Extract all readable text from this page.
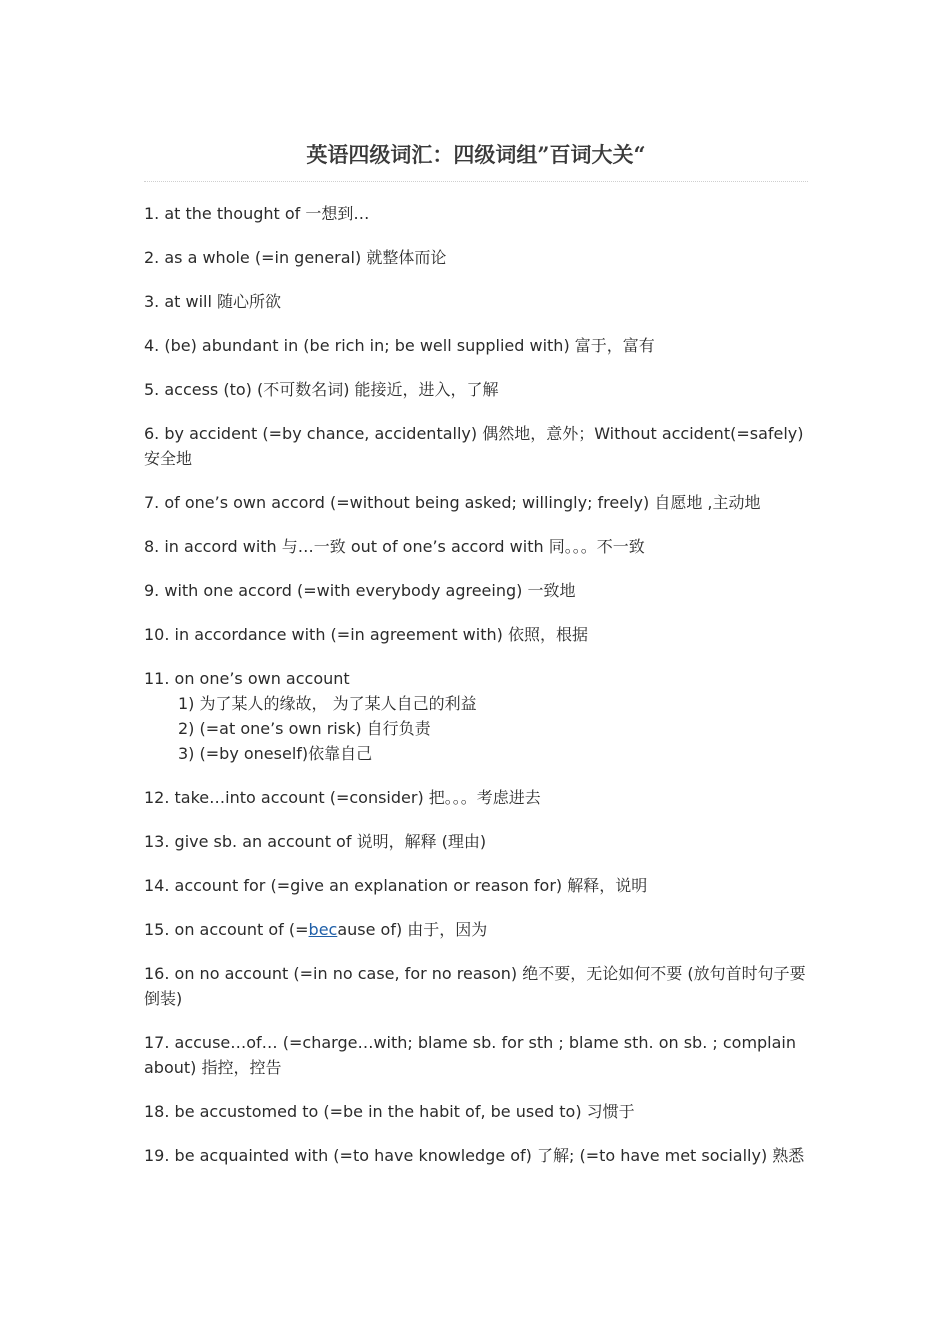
英语四级词汇：四级词组”百词大关“
1. at the thought of 一想到…
2. as a whole (=in general) 就整体而论
3. at will 随心所欲
4. (be) abundant in (be rich in; be well supplied with) 富于，富有
5. access (to) (不可数名词) 能接近，进入，了解
6. by accident (=by chance, accidentally) 偶然地，意外；Without accident(=safely) 安全地
7. of one’s own accord (=without being asked; willingly; freely) 自愿地 ,主动地
8. in accord with 与…一致 out of one’s accord with 同。。。不一致
9. with one accord (=with everybody agreeing) 一致地
10. in accordance with (=in agreement with) 依照，根据
11. on one’s own account
1) 为了某人的缘故， 为了某人自己的利益
2) (=at one’s own risk) 自行负责
3) (=by oneself)依靠自己
12. take…into account (=consider) 把。。。考虑进去
13. give sb. an account of 说明，解释 (理由)
14. account for (=give an explanation or reason for) 解释，说明
15. on account of (=because of) 由于，因为
16. on no account (=in no case, for no reason) 绝不要，无论如何不要 (放句首时句子要倒装)
17. accuse…of… (=charge…with; blame sb. for sth ; blame sth. on sb. ; complain about) 指控，控告
18. be accustomed to (=be in the habit of, be used to) 习惯于
19. be acquainted with (=to have knowledge of) 了解; (=to have met socially) 熟悉
